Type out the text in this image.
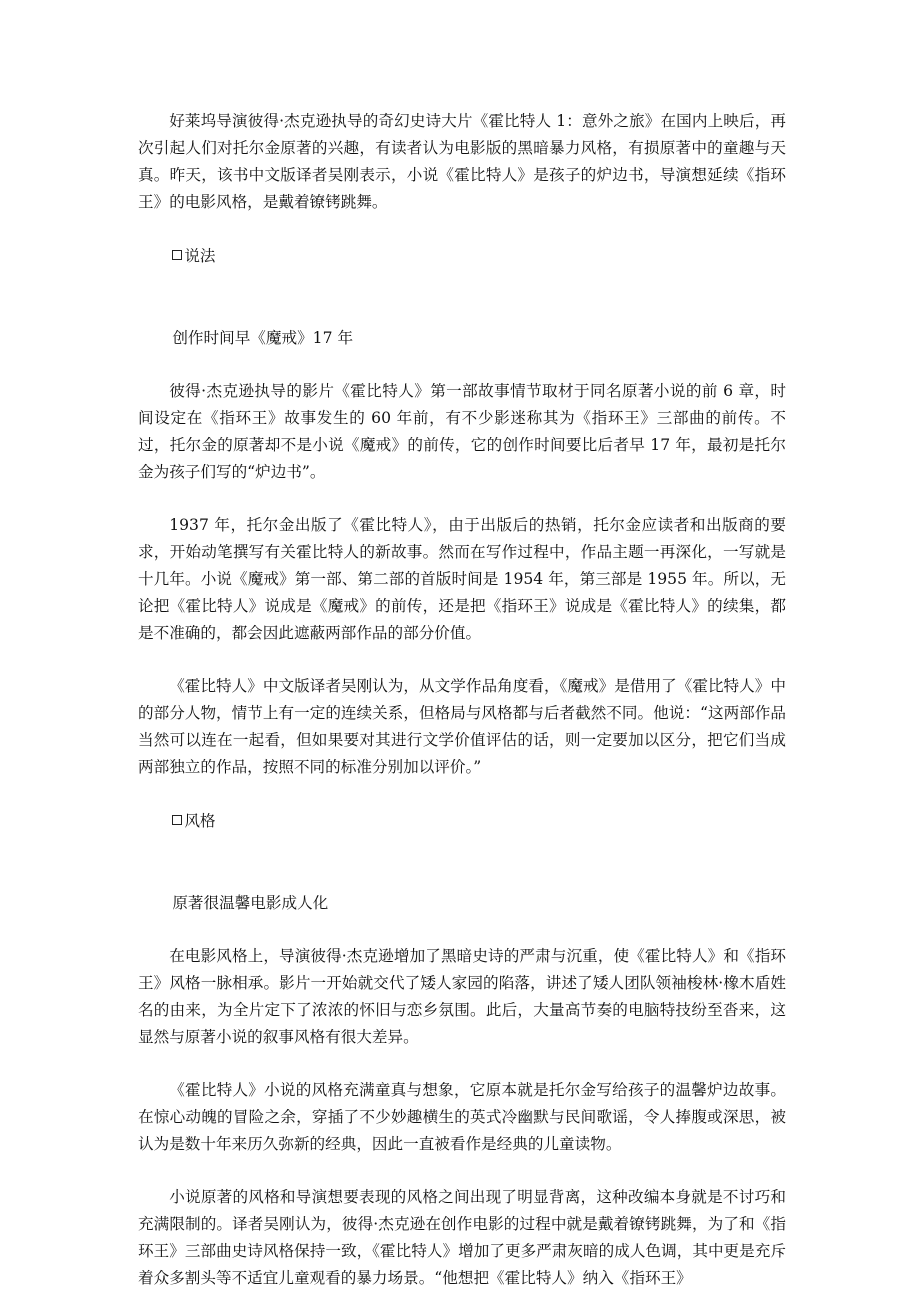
好莱坞导演彼得·杰克逊执导的奇幻史诗大片《霍比特人 1：意外之旅》在国内上映后，再次引起人们对托尔金原著的兴趣，有读者认为电影版的黑暗暴力风格，有损原著中的童趣与天真。昨天，该书中文版译者吴刚表示，小说《霍比特人》是孩子的炉边书，导演想延续《指环王》的电影风格，是戴着镣铐跳舞。

说法

创作时间早《魔戒》17 年

彼得·杰克逊执导的影片《霍比特人》第一部故事情节取材于同名原著小说的前 6 章，时间设定在《指环王》故事发生的 60 年前，有不少影迷称其为《指环王》三部曲的前传。不过，托尔金的原著却不是小说《魔戒》的前传，它的创作时间要比后者早 17 年，最初是托尔金为孩子们写的“炉边书”。

1937 年，托尔金出版了《霍比特人》，由于出版后的热销，托尔金应读者和出版商的要求，开始动笔撰写有关霍比特人的新故事。然而在写作过程中，作品主题一再深化，一写就是十几年。小说《魔戒》第一部、第二部的首版时间是 1954 年，第三部是 1955 年。所以，无论把《霍比特人》说成是《魔戒》的前传，还是把《指环王》说成是《霍比特人》的续集，都是不准确的，都会因此遮蔽两部作品的部分价值。

《霍比特人》中文版译者吴刚认为，从文学作品角度看，《魔戒》是借用了《霍比特人》中的部分人物，情节上有一定的连续关系，但格局与风格都与后者截然不同。他说：“这两部作品当然可以连在一起看，但如果要对其进行文学价值评估的话，则一定要加以区分，把它们当成两部独立的作品，按照不同的标准分别加以评价。”

风格

原著很温馨电影成人化

在电影风格上，导演彼得·杰克逊增加了黑暗史诗的严肃与沉重，使《霍比特人》和《指环王》风格一脉相承。影片一开始就交代了矮人家园的陷落，讲述了矮人团队领袖梭林·橡木盾姓名的由来，为全片定下了浓浓的怀旧与恋乡氛围。此后，大量高节奏的电脑特技纷至沓来，这显然与原著小说的叙事风格有很大差异。

《霍比特人》小说的风格充满童真与想象，它原本就是托尔金写给孩子的温馨炉边故事。在惊心动魄的冒险之余，穿插了不少妙趣横生的英式冷幽默与民间歌谣，令人捧腹或深思，被认为是数十年来历久弥新的经典，因此一直被看作是经典的儿童读物。

小说原著的风格和导演想要表现的风格之间出现了明显背离，这种改编本身就是不讨巧和充满限制的。译者吴刚认为，彼得·杰克逊在创作电影的过程中就是戴着镣铐跳舞，为了和《指环王》三部曲史诗风格保持一致，《霍比特人》增加了更多严肃灰暗的成人色调，其中更是充斥着众多割头等不适宜儿童观看的暴力场景。“他想把《霍比特人》纳入《指环王》
